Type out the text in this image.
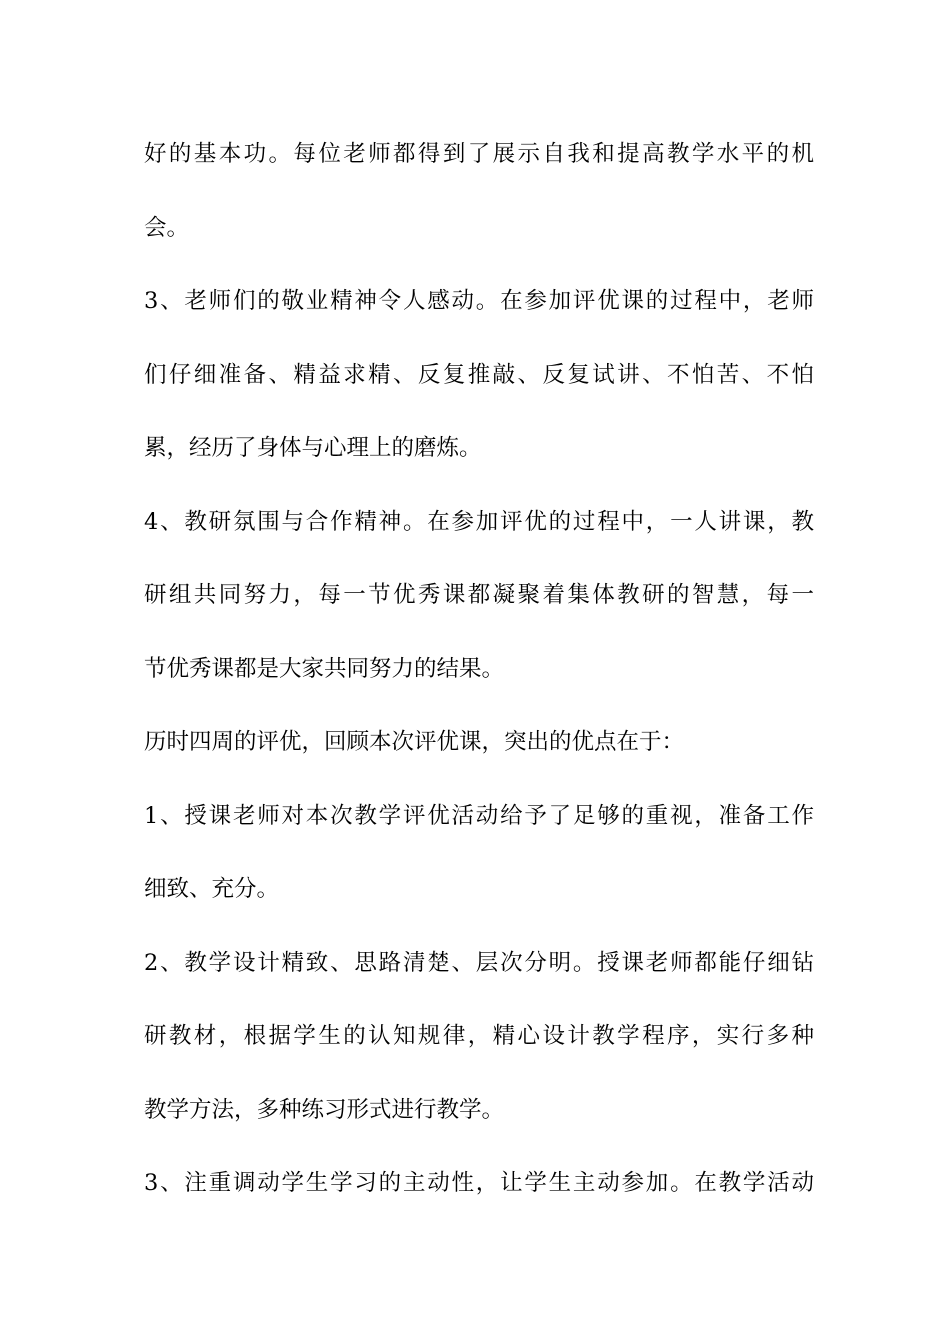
好的基本功。每位老师都得到了展示自我和提高教学水平的机
会。
3、老师们的敬业精神令人感动。在参加评优课的过程中，老师
们仔细准备、精益求精、反复推敲、反复试讲、不怕苦、不怕
累，经历了身体与心理上的磨炼。
4、教研氛围与合作精神。在参加评优的过程中，一人讲课，教
研组共同努力，每一节优秀课都凝聚着集体教研的智慧，每一
节优秀课都是大家共同努力的结果。
历时四周的评优，回顾本次评优课，突出的优点在于：
1、授课老师对本次教学评优活动给予了足够的重视，准备工作
细致、充分。
2、教学设计精致、思路清楚、层次分明。授课老师都能仔细钻
研教材，根据学生的认知规律，精心设计教学程序，实行多种
教学方法，多种练习形式进行教学。
3、注重调动学生学习的主动性，让学生主动参加。在教学活动
